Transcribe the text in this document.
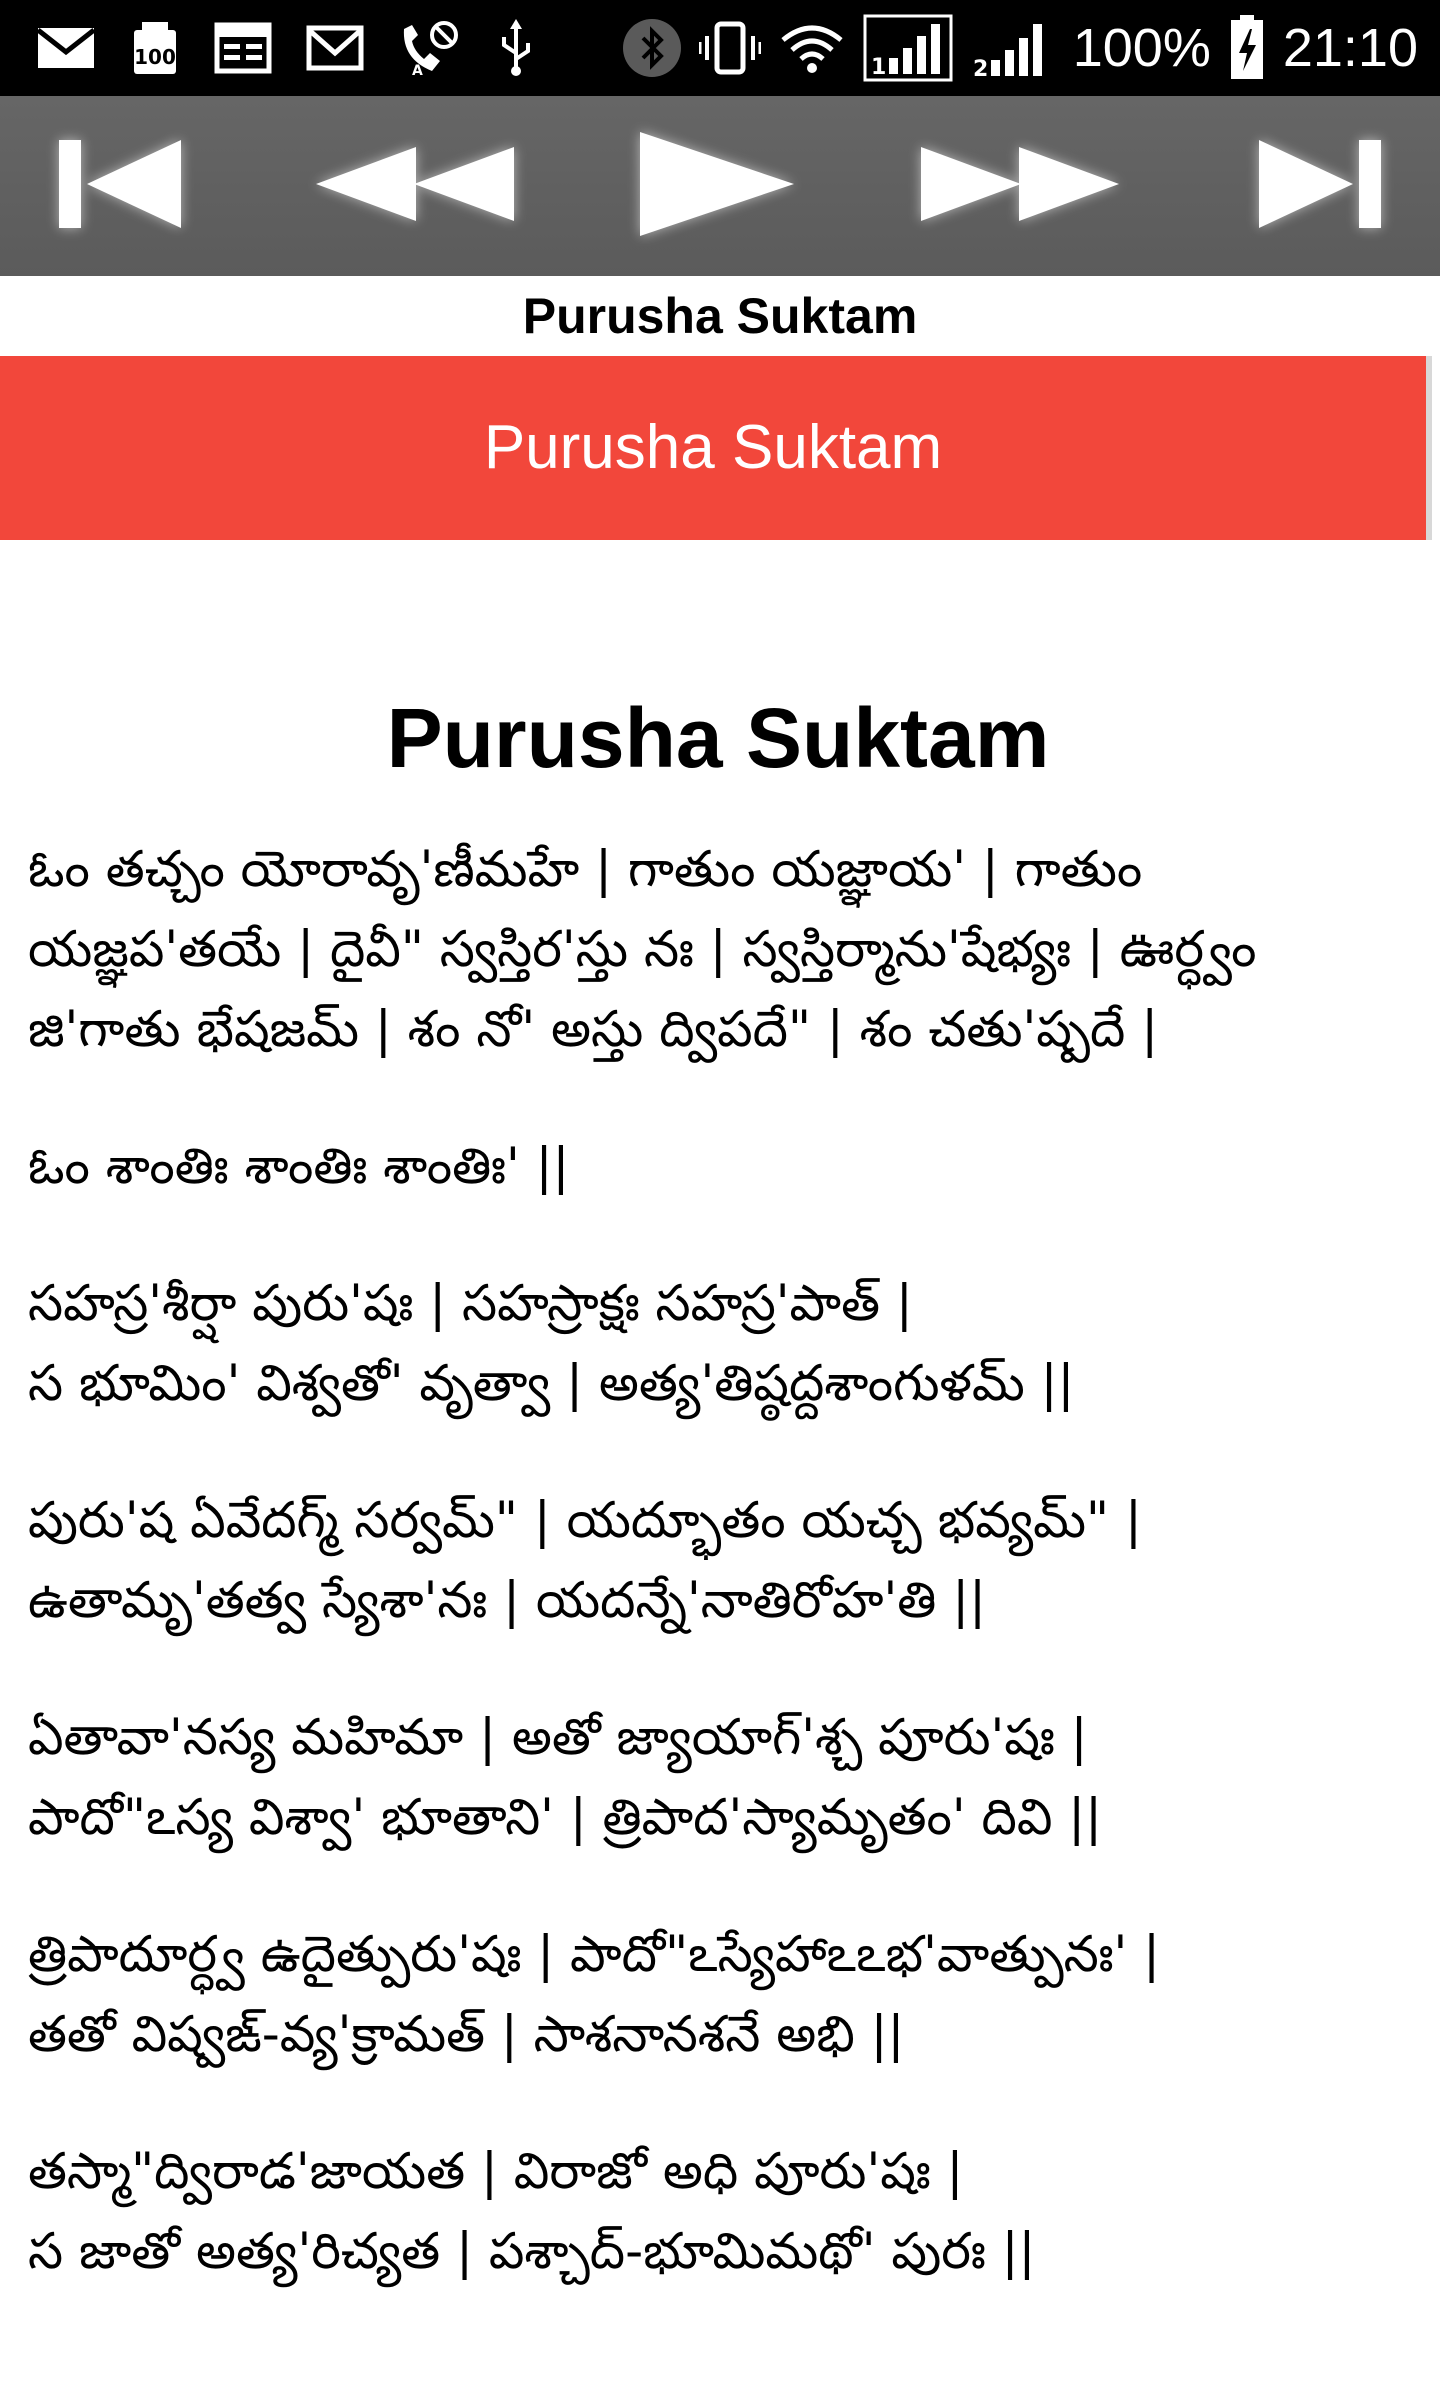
100
A	1	2 100% 21:10
Purusha Suktam
Purusha Suktam
Purusha Suktam
ఓం తచ్చం యోరావృ'ణీమహే | గాతుం యజ్ఞాయ' | గాతుం
యజ్ఞప'తయే | దైవీ" స్వస్తిర'స్తు నః | స్వస్తిర్మాను'షేభ్యః | ఊర్ధ్వం
జి'గాతు భేషజమ్ | శం నో' అస్తు ద్విపదే" | శం చతు'ష్పదే |
ఓం శాంతిః శాంతిః శాంతిః' ||
సహస్ర'శీర్షా పురు'షః | సహస్రాక్షః సహస్ర'పాత్ |
స భూమిం' విశ్వతో' వృత్వా | అత్య'తిష్ఠద్దశాంగుళమ్ ||
పురు'ష ఏవేదగ్మ్ సర్వమ్" | యద్భూతం యచ్చ భవ్యమ్" |
ఉతామృ'తత్వ స్యేశా'నః | యదన్నే'నాతిరోహ'తి ||
ఏతావా'నస్య మహిమా | అతో జ్యాయాగ్'శ్చ పూరు'షః |
పాదో"ఽస్య విశ్వా' భూతాని' | త్రిపాద'స్యామృతం' దివి ||
త్రిపాదూర్ధ్వ ఉదైత్పురు'షః | పాదో"ఽస్యేహాఽఽభ'వాత్పునః' |
తతో విష్వఙ్-వ్య'క్రామత్ | సాశనానశనే అభి ||
తస్మా"ద్విరాడ'జాయత | విరాజో అధి పూరు'షః |
స జాతో అత్య'రిచ్యత | పశ్చాద్-భూమిమథో' పురః ||
